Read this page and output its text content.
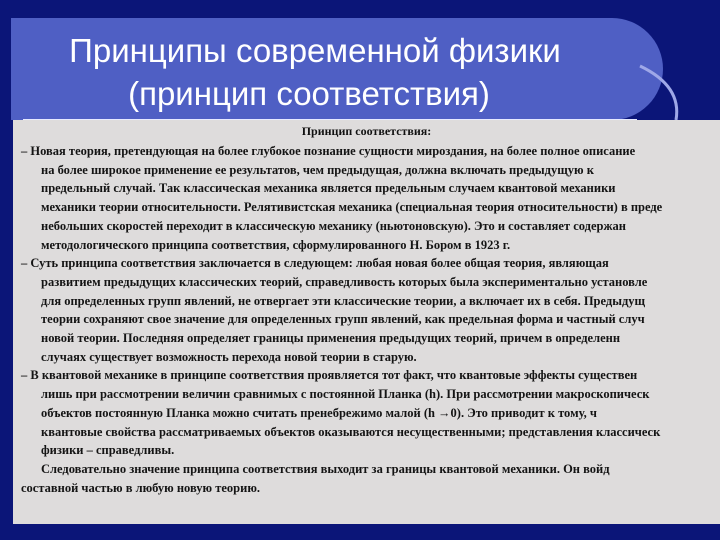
Принципы современной физики
(принцип соответствия)
Принцип соответствия:
– Новая теория, претендующая на более глубокое познание сущности мироздания, на более полное описание
на более широкое применение ее результатов, чем предыдущая, должна включать предыдущую к
предельный случай. Так классическая механика является предельным случаем квантовой механики
механики теории относительности. Релятивистская механика (специальная теория относительности) в преде
небольших скоростей переходит в классическую механику (ньютоновскую). Это и составляет содержан
методологического принципа соответствия, сформулированного Н. Бором в 1923 г.
– Суть принципа соответствия заключается в следующем: любая новая более общая теория, являющая
развитием предыдущих классических теорий, справедливость которых была экспериментально установле
для определенных групп явлений, не отвергает эти классические теории, а включает их в себя. Предыдущ
теории сохраняют свое значение для определенных групп явлений, как предельная форма и частный случ
новой теории. Последняя определяет границы применения предыдущих теорий, причем в определенн
случаях существует возможность перехода новой теории в старую.
– В квантовой механике в принципе соответствия проявляется тот факт, что квантовые эффекты существен
лишь при рассмотрении величин сравнимых с постоянной Планка (h). При рассмотрении макроскопическ
объектов постоянную Планка можно считать пренебрежимо малой (h →0). Это приводит к тому, ч
квантовые свойства рассматриваемых объектов оказываются несущественными; представления классическ
физики – справедливы.
Следовательно значение принципа соответствия выходит за границы квантовой механики. Он войд
составной частью в любую новую теорию.
